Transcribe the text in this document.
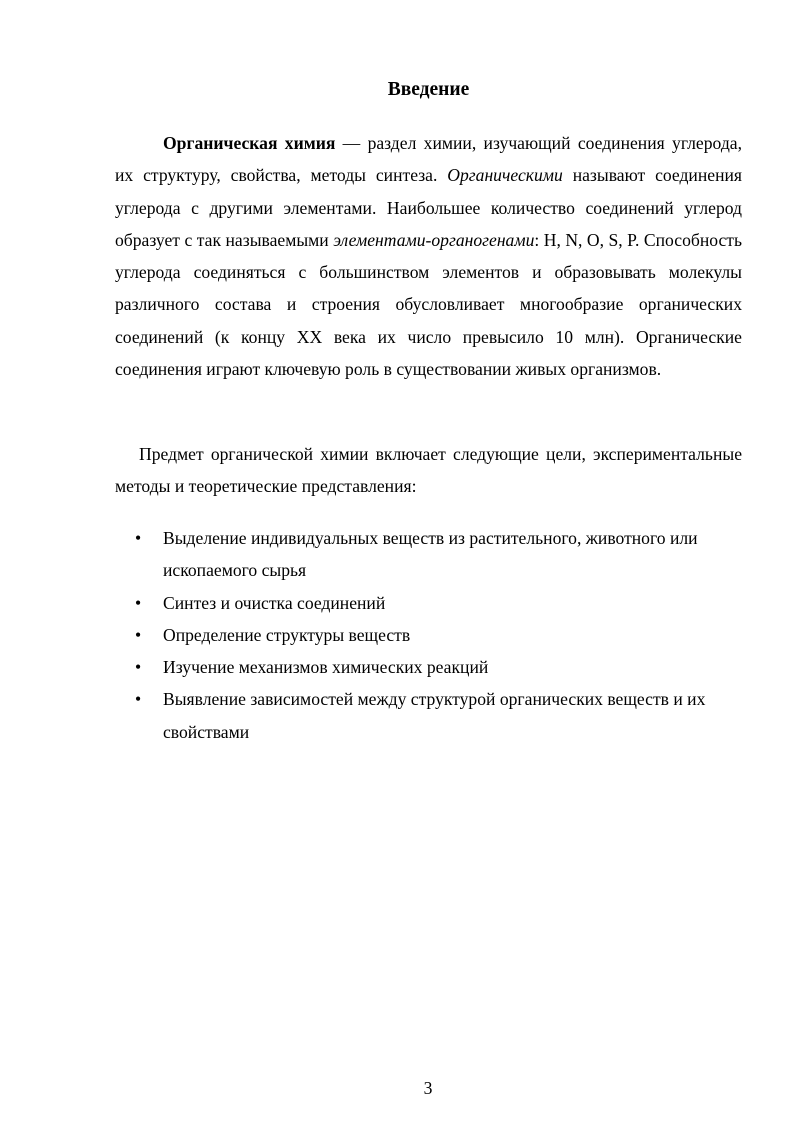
Введение

Органическая химия — раздел химии, изучающий соединения углерода, их структуру, свойства, методы синтеза. Органическими называют соединения углерода с другими элементами. Наибольшее количество соединений углерод образует с так называемыми элементами-органогенами: H, N, O, S, P. Способность углерода соединяться с большинством элементов и образовывать молекулы различного состава и строения обусловливает многообразие органических соединений (к концу XX века их число превысило 10 млн). Органические соединения играют ключевую роль в существовании живых организмов.

Предмет органической химии включает следующие цели, экспериментальные методы и теоретические представления:

• Выделение индивидуальных веществ из растительного, животного или ископаемого сырья
• Синтез и очистка соединений
• Определение структуры веществ
• Изучение механизмов химических реакций
• Выявление зависимостей между структурой органических веществ и их свойствами
3
